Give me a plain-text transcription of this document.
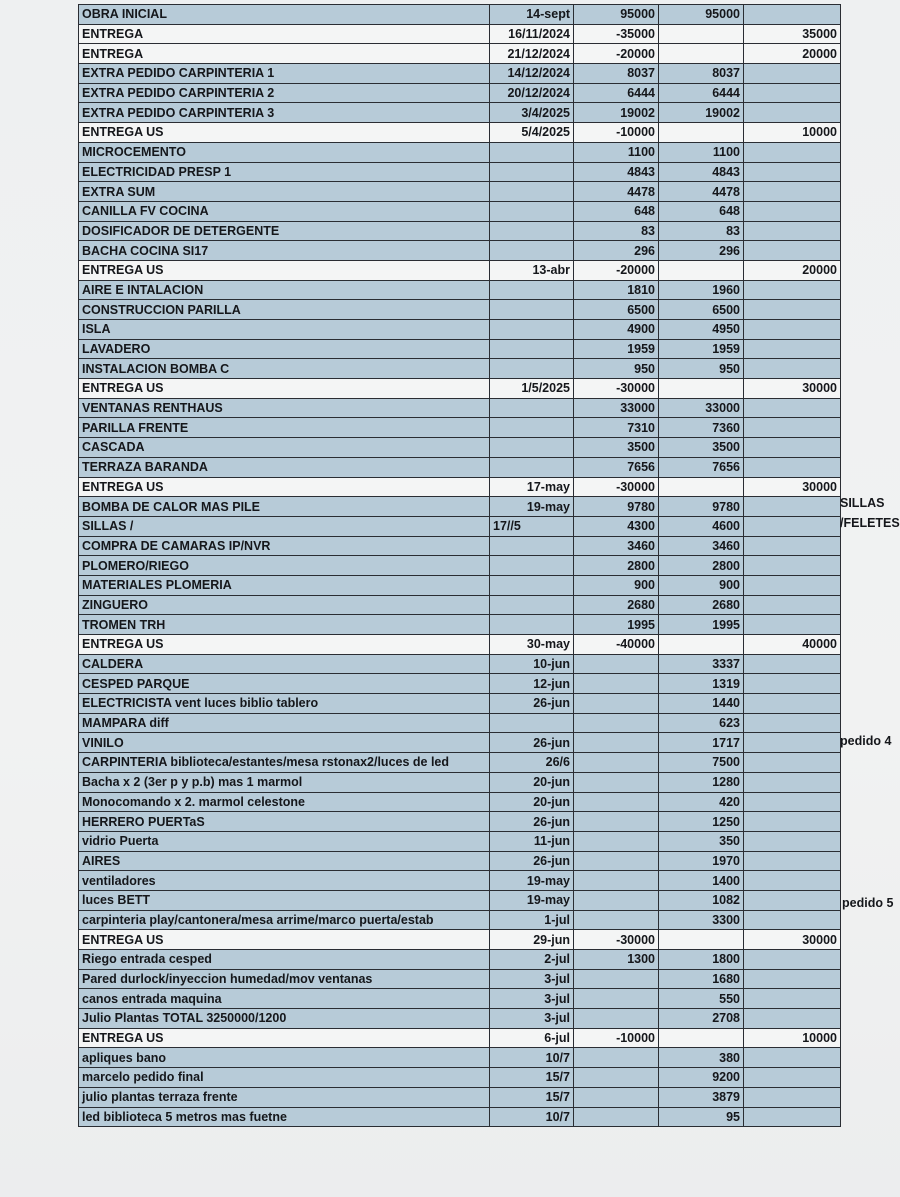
OBRA INICIAL	14-sept	95000	95000	
ENTREGA	16/11/2024	-35000		35000
ENTREGA	21/12/2024	-20000		20000
EXTRA PEDIDO CARPINTERIA 1	14/12/2024	8037	8037	
EXTRA PEDIDO CARPINTERIA 2	20/12/2024	6444	6444	
EXTRA PEDIDO CARPINTERIA 3	3/4/2025	19002	19002	
ENTREGA US	5/4/2025	-10000		10000
MICROCEMENTO		1100	1100	
ELECTRICIDAD PRESP 1		4843	4843	
EXTRA SUM		4478	4478	
CANILLA FV COCINA		648	648	
DOSIFICADOR DE DETERGENTE		83	83	
BACHA COCINA SI17		296	296	
ENTREGA US	13-abr	-20000		20000
AIRE E INTALACION		1810	1960	
CONSTRUCCION PARILLA		6500	6500	
ISLA		4900	4950	
LAVADERO		1959	1959	
INSTALACION BOMBA C		950	950	
ENTREGA US	1/5/2025	-30000		30000
VENTANAS RENTHAUS		33000	33000	
PARILLA FRENTE		7310	7360	
CASCADA		3500	3500	
TERRAZA BARANDA		7656	7656	
ENTREGA US	17-may	-30000		30000
BOMBA DE CALOR MAS PILE	19-may	9780	9780	
SILLAS /	17//5	4300	4600	
COMPRA DE CAMARAS IP/NVR		3460	3460	
PLOMERO/RIEGO		2800	2800	
MATERIALES PLOMERIA		900	900	
ZINGUERO		2680	2680	
TROMEN TRH		1995	1995	
ENTREGA US	30-may	-40000		40000
CALDERA	10-jun		3337	
CESPED PARQUE	12-jun		1319	
ELECTRICISTA vent luces biblio tablero	26-jun		1440	
MAMPARA diff			623	
VINILO	26-jun		1717	
CARPINTERIA biblioteca/estantes/mesa rstonax2/luces de led	26/6		7500	
Bacha x 2 (3er p y p.b) mas 1 marmol	20-jun		1280	
Monocomando x 2. marmol celestone	20-jun		420	
HERRERO PUERTaS	26-jun		1250	
vidrio Puerta	11-jun		350	
AIRES	26-jun		1970	
ventiladores	19-may		1400	
luces BETT	19-may		1082	
carpinteria play/cantonera/mesa arrime/marco puerta/estab	1-jul		3300	
ENTREGA US	29-jun	-30000		30000
Riego entrada cesped	2-jul	1300	1800	
Pared durlock/inyeccion humedad/mov ventanas	3-jul		1680	
canos entrada maquina	3-jul		550	
Julio Plantas TOTAL 3250000/1200	3-jul		2708	
ENTREGA US	6-jul	-10000		10000
apliques bano	10/7		380	
marcelo pedido final	15/7		9200	
julio plantas terraza frente	15/7		3879	
led biblioteca 5 metros mas fuetne	10/7		95	
SILLAS
/FELETES
pedido 4
pedido 5
